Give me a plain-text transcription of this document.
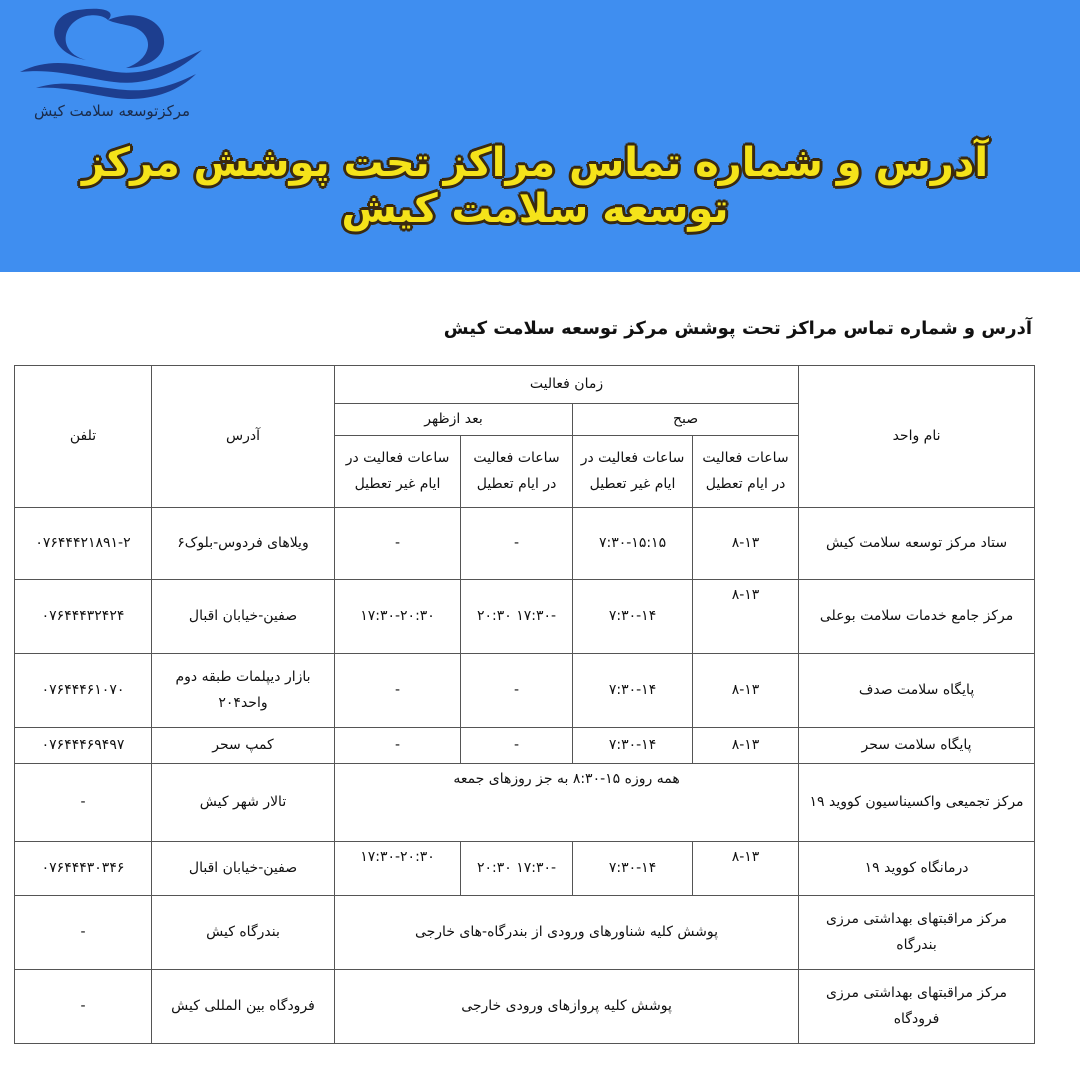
مرکزتوسعه سلامت کیش
آدرس و شماره تماس مراکز تحت پوشش مرکز توسعه سلامت کیش
آدرس و شماره تماس مراکز تحت پوشش مرکز توسعه سلامت کیش
نام واحد	زمان فعالیت				آدرس	تلفن
	صبح		بعد ازظهر			
	ساعات فعالیت در ایام تعطیل	ساعات فعالیت در ایام غیر تعطیل	ساعات فعالیت در ایام تعطیل	ساعات فعالیت در ایام غیر تعطیل		
ستاد مرکز توسعه سلامت کیش	۸-۱۳	۷:۳۰-۱۵:۱۵	-	-	ویلاهای فردوس-بلوک۶	۰۷۶۴۴۴۲۱۸۹۱-۲
مرکز جامع خدمات سلامت بوعلی	۸-۱۳	۷:۳۰-۱۴	-۱۷:۳۰ ۲۰:۳۰	۱۷:۳۰-۲۰:۳۰	صفین-خیابان اقبال	۰۷۶۴۴۴۳۲۴۲۴
پایگاه سلامت صدف	۸-۱۳	۷:۳۰-۱۴	-	-	بازار دیپلمات طبقه دوم واحد۲۰۴	۰۷۶۴۴۴۶۱۰۷۰
پایگاه سلامت سحر	۸-۱۳	۷:۳۰-۱۴	-	-	کمپ سحر	۰۷۶۴۴۴۶۹۴۹۷
مرکز تجمیعی واکسیناسیون کووید ۱۹	همه روزه ۱۵-۸:۳۰ به جز روزهای جمعه				تالار شهر کیش	-
درمانگاه کووید ۱۹	۸-۱۳	۷:۳۰-۱۴	-۱۷:۳۰ ۲۰:۳۰	۱۷:۳۰-۲۰:۳۰	صفین-خیابان اقبال	۰۷۶۴۴۴۳۰۳۴۶
مرکز مراقبتهای بهداشتی مرزی بندرگاه	پوشش کلیه شناورهای ورودی از بندرگاه-های خارجی				بندرگاه کیش	-
مرکز مراقبتهای بهداشتی مرزی فرودگاه	پوشش کلیه پروازهای ورودی خارجی				فرودگاه بین المللی کیش	-
